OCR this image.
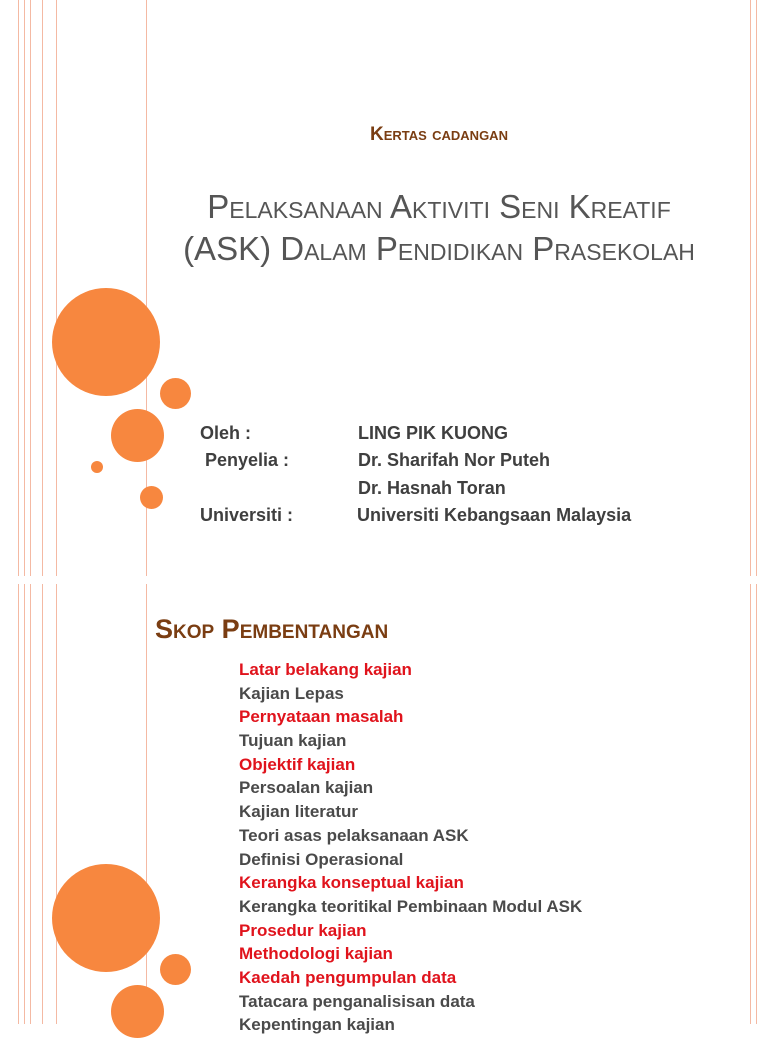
Kertas cadangan
Pelaksanaan Aktiviti Seni Kreatif
(ASK) Dalam Pendidikan Prasekolah
Oleh :	LING PIK KUONG
Penyelia :	Dr. Sharifah Nor Puteh
Dr. Hasnah Toran
Universiti :	Universiti Kebangsaan Malaysia
Skop Pembentangan
Latar belakang kajian
Kajian Lepas
Pernyataan masalah
Tujuan kajian
Objektif kajian
Persoalan kajian
Kajian literatur
Teori asas pelaksanaan ASK
Definisi Operasional
Kerangka konseptual kajian
Kerangka teoritikal Pembinaan Modul ASK
Prosedur kajian
Methodologi kajian
Kaedah pengumpulan data
Tatacara penganalisisan data
Kepentingan kajian
